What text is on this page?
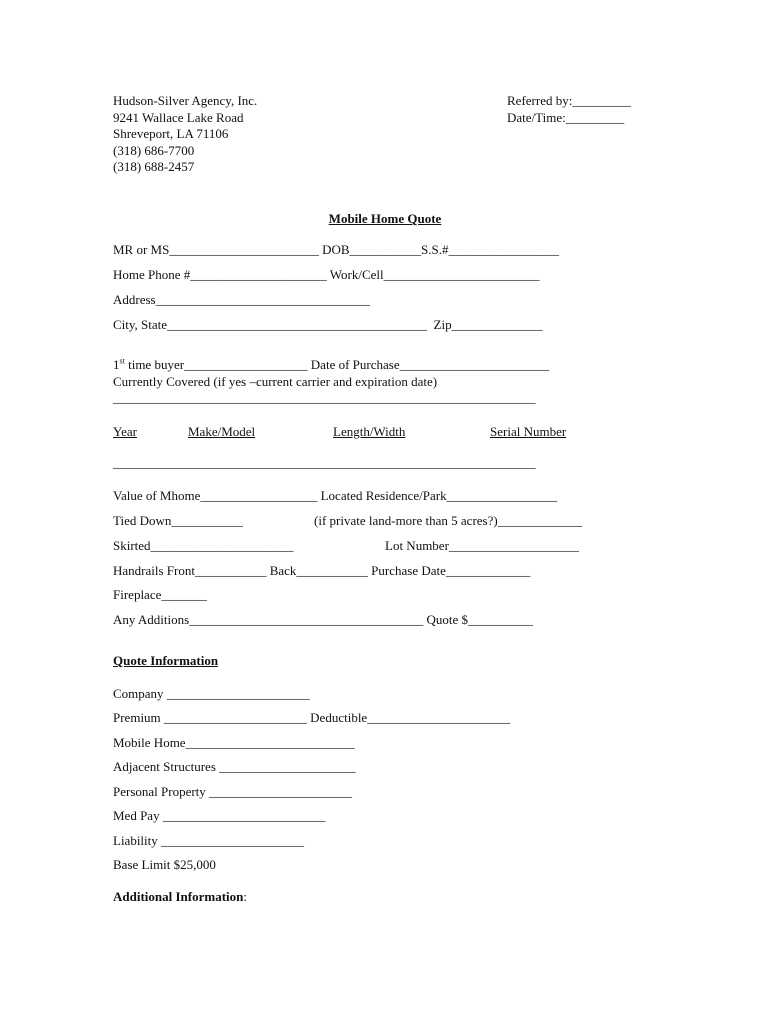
Hudson-Silver Agency, Inc.
9241 Wallace Lake Road
Shreveport, LA 71106
(318) 686-7700
(318) 688-2457
Referred by:_________
Date/Time:_________
Mobile Home Quote
MR or MS_______________________ DOB___________S.S.#_________________
Home Phone #_____________________ Work/Cell________________________
Address_________________________________
City, State________________________________________  Zip______________
1st time buyer___________________ Date of Purchase_______________________
Currently Covered (if yes –current carrier and expiration date)
_________________________________________________________________
Year	Make/Model	Length/Width	Serial Number
_________________________________________________________________
Value of Mhome__________________ Located Residence/Park_________________
Tied Down___________	(if private land-more than 5 acres?)_____________
Skirted______________________	Lot Number____________________
Handrails Front___________ Back___________ Purchase Date_____________
Fireplace_______
Any Additions____________________________________ Quote $__________
Quote Information
Company ______________________
Premium ______________________ Deductible______________________
Mobile Home__________________________
Adjacent Structures _____________________
Personal Property ______________________
Med Pay _________________________
Liability ______________________
Base Limit $25,000
Additional Information:
